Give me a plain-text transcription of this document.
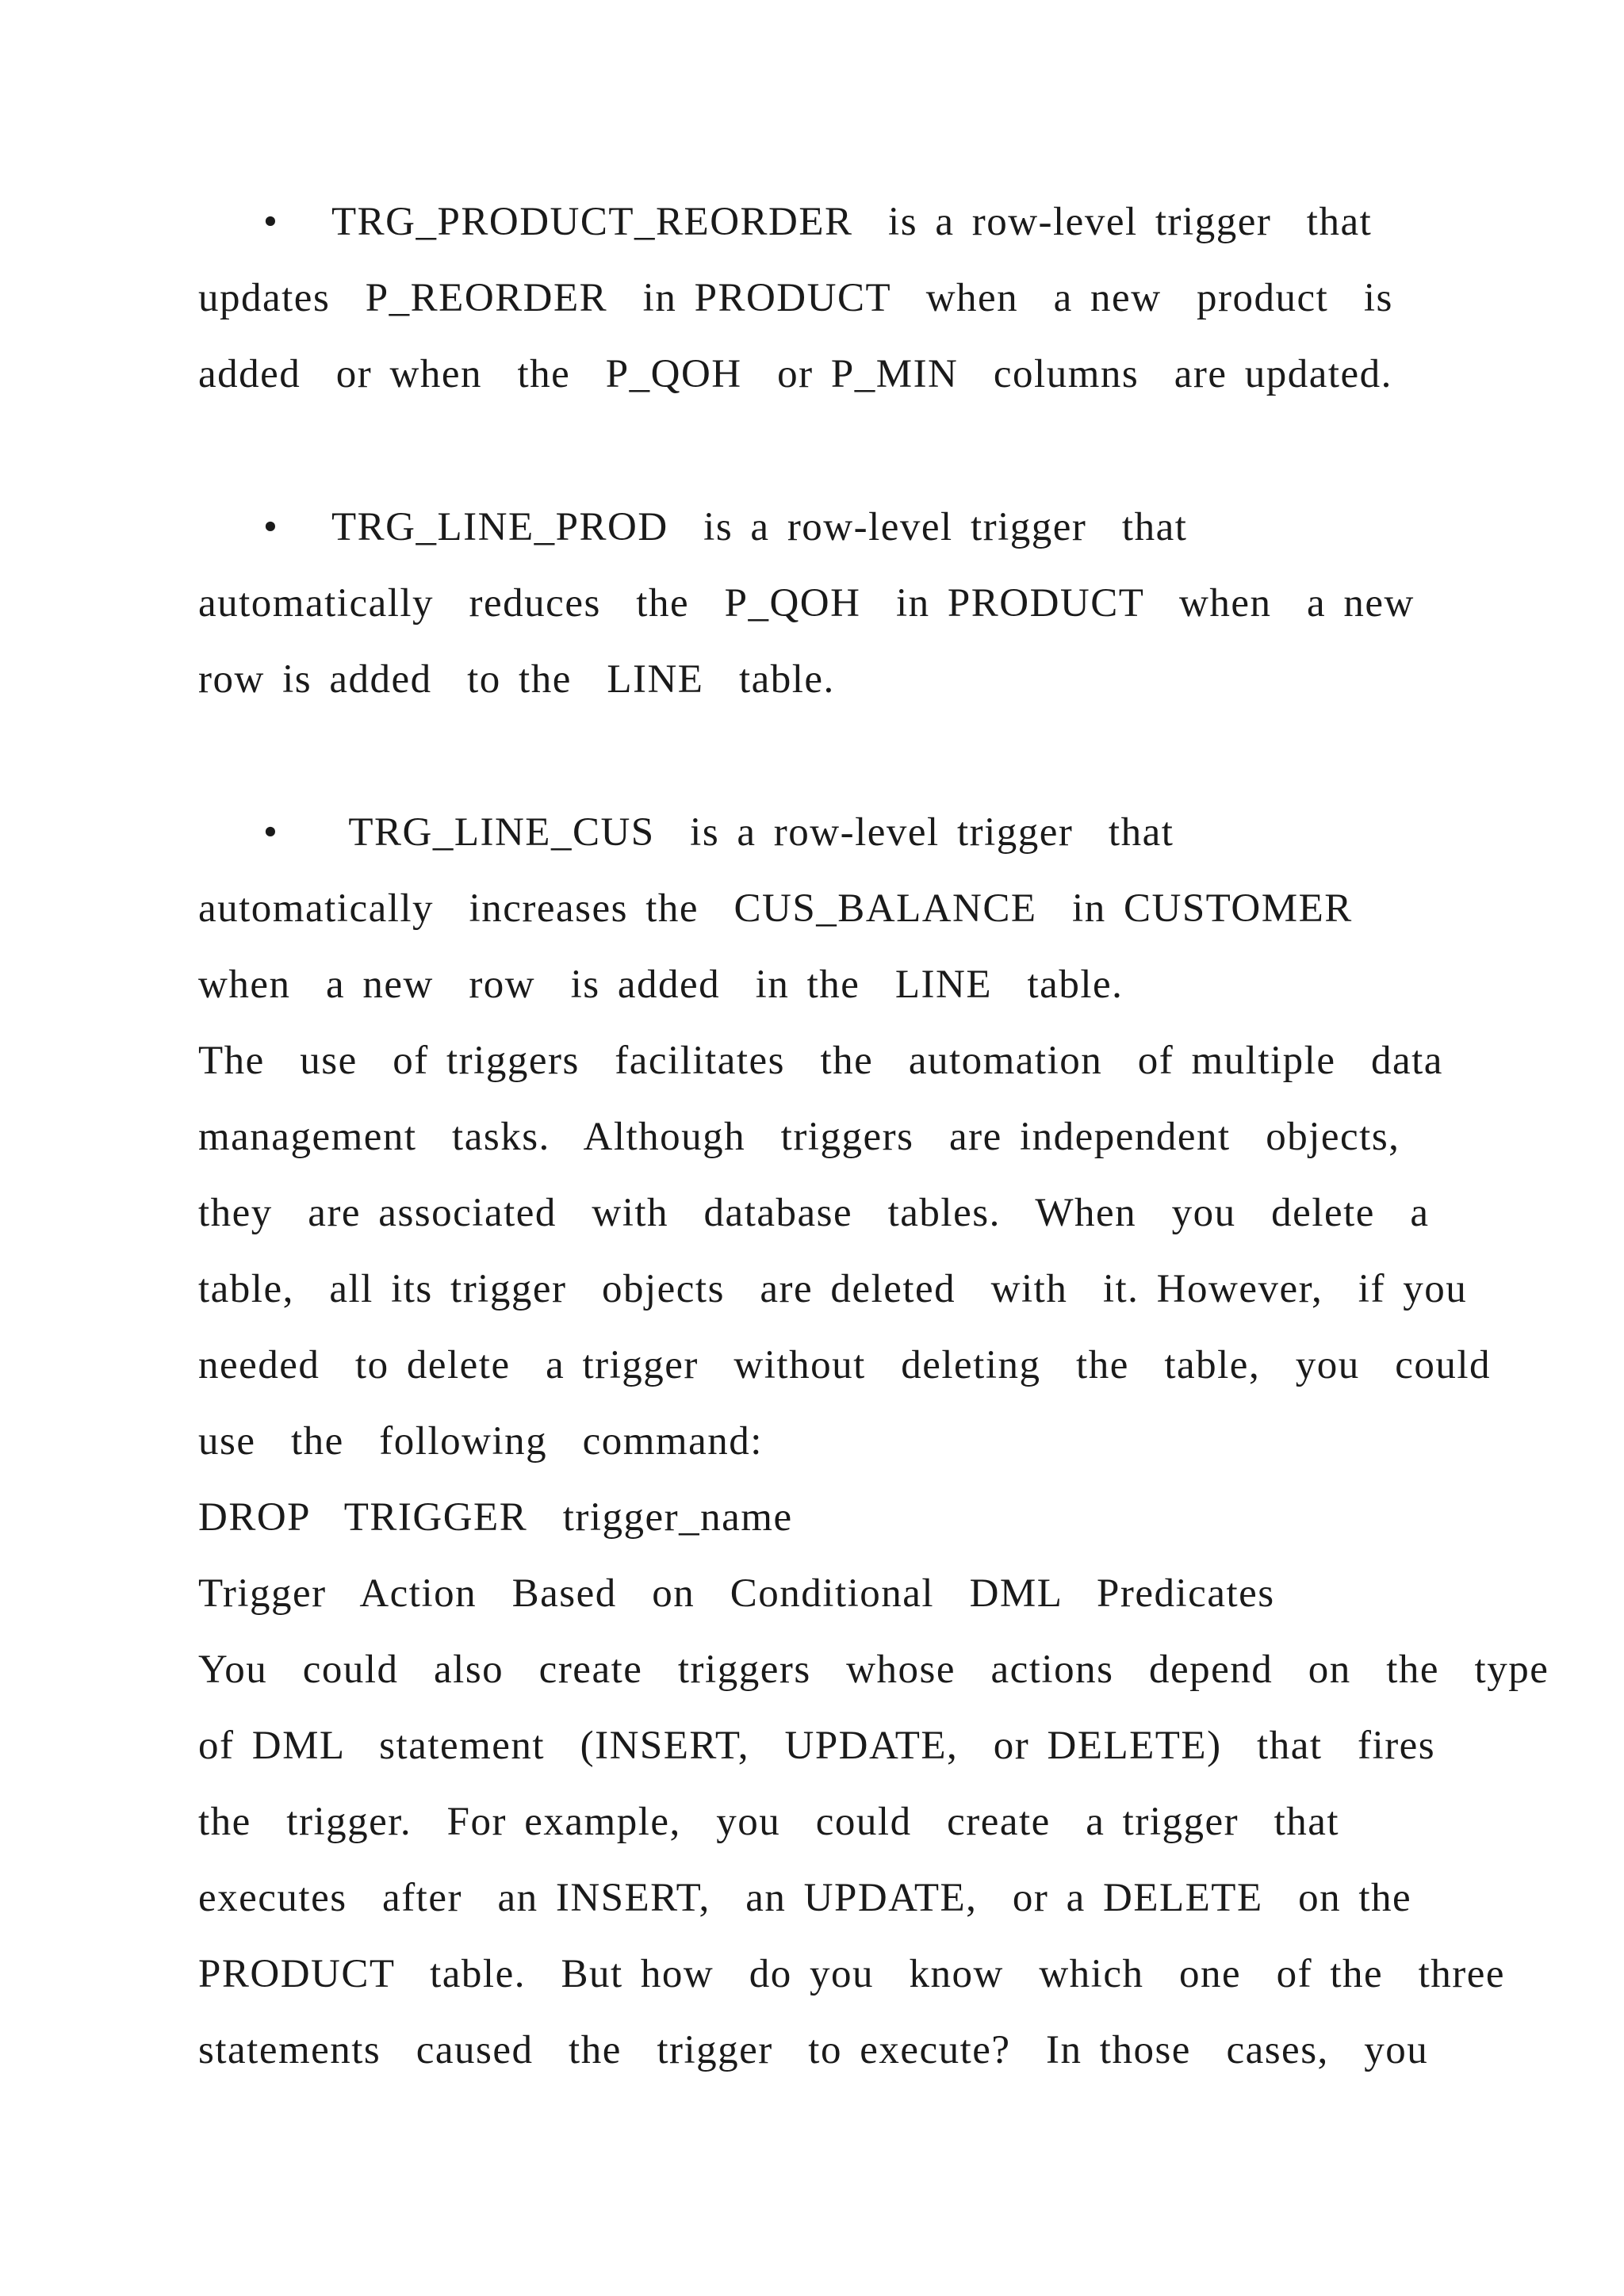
• TRG_PRODUCT_REORDER  is a row-level trigger  that
updates  P_REORDER  in PRODUCT  when  a new  product  is
added  or when  the  P_QOH  or P_MIN  columns  are updated.
• TRG_LINE_PROD  is a row-level trigger  that
automatically  reduces  the  P_QOH  in PRODUCT  when  a new
row is added  to the  LINE  table.
• TRG_LINE_CUS  is a row-level trigger  that
automatically  increases the  CUS_BALANCE  in CUSTOMER
when  a new  row  is added  in the  LINE  table.
The  use  of triggers  facilitates  the  automation  of multiple  data
management  tasks.  Although  triggers  are independent  objects,
they  are associated  with  database  tables.  When  you  delete  a
table,  all its trigger  objects  are deleted  with  it. However,  if you
needed  to delete  a trigger  without  deleting  the  table,  you  could
use  the  following  command:
DROP  TRIGGER  trigger_name
Trigger  Action  Based  on  Conditional  DML  Predicates
You  could  also  create  triggers  whose  actions  depend  on  the  type
of DML  statement  (INSERT,  UPDATE,  or DELETE)  that  fires
the  trigger.  For example,  you  could  create  a trigger  that
executes  after  an INSERT,  an UPDATE,  or a DELETE  on the
PRODUCT  table.  But how  do you  know  which  one  of the  three
statements  caused  the  trigger  to execute?  In those  cases,  you
